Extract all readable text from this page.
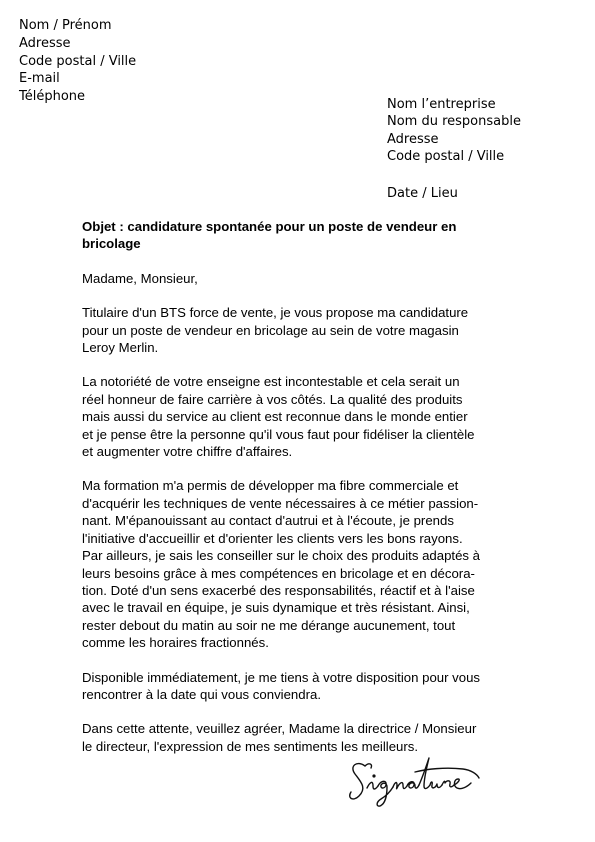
Nom / Prénom
Adresse
Code postal / Ville
E-mail
Téléphone
Nom l’entreprise
Nom du responsable
Adresse
Code postal / Ville
Date / Lieu
Objet : candidature spontanée pour un poste de vendeur en
bricolage
Madame, Monsieur,
Titulaire d'un BTS force de vente, je vous propose ma candidature
pour un poste de vendeur en bricolage au sein de votre magasin
Leroy Merlin.
La notoriété de votre enseigne est incontestable et cela serait un
réel honneur de faire carrière à vos côtés. La qualité des produits
mais aussi du service au client est reconnue dans le monde entier
et je pense être la personne qu'il vous faut pour fidéliser la clientèle
et augmenter votre chiffre d'affaires.
Ma formation m'a permis de développer ma fibre commerciale et
d'acquérir les techniques de vente nécessaires à ce métier passion-
nant. M'épanouissant au contact d'autrui et à l'écoute, je prends
l'initiative d'accueillir et d'orienter les clients vers les bons rayons.
Par ailleurs, je sais les conseiller sur le choix des produits adaptés à
leurs besoins grâce à mes compétences en bricolage et en décora-
tion. Doté d'un sens exacerbé des responsabilités, réactif et à l'aise
avec le travail en équipe, je suis dynamique et très résistant. Ainsi,
rester debout du matin au soir ne me dérange aucunement, tout
comme les horaires fractionnés.
Disponible immédiatement, je me tiens à votre disposition pour vous
rencontrer à la date qui vous conviendra.
Dans cette attente, veuillez agréer, Madame la directrice / Monsieur
le directeur, l'expression de mes sentiments les meilleurs.
